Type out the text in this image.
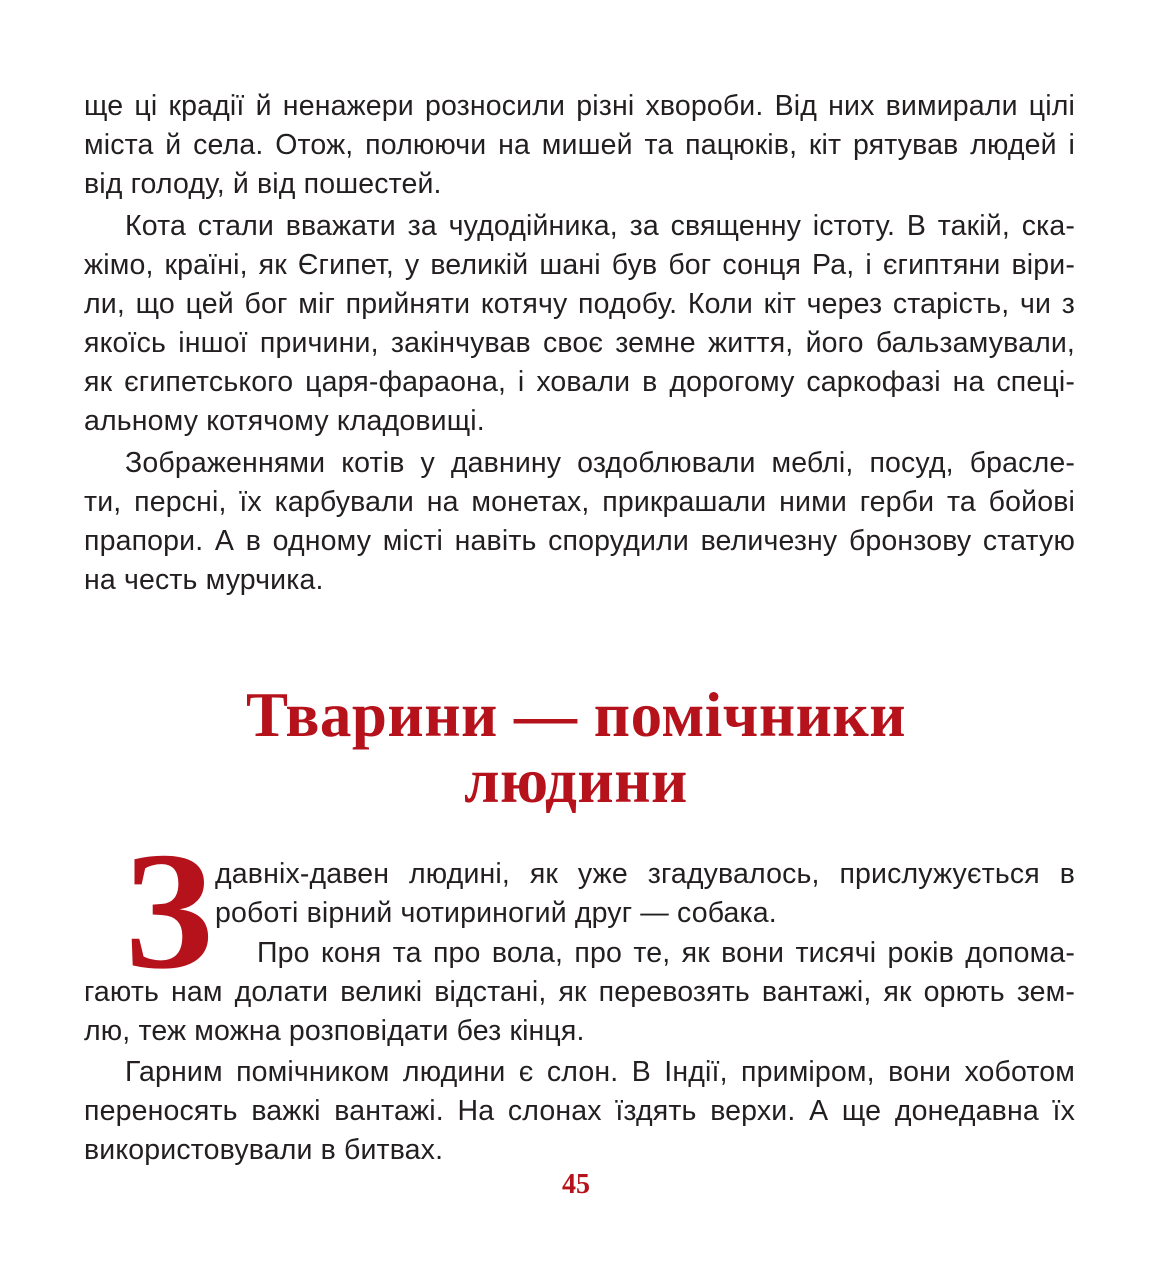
ще ці крадії й ненажери розносили різні хвороби. Від них вимирали цілі
міста й села. Отож, полюючи на мишей та пацюків, кіт рятував людей і
від голоду, й від пошестей.
Кота стали вважати за чудодійника, за священну істоту. В такій, ска-
жімо, країні, як Єгипет, у великій шані був бог сонця Ра, і єгиптяни віри-
ли, що цей бог міг прийняти котячу подобу. Коли кіт через старість, чи з
якоїсь іншої причини, закінчував своє земне життя, його бальзамували,
як єгипетського царя-фараона, і ховали в дорогому саркофазі на спеці-
альному котячому кладовищі.
Зображеннями котів у давнину оздоблювали меблі, посуд, брасле-
ти, персні, їх карбували на монетах, прикрашали ними герби та бойові
прапори. А в одному місті навіть спорудили величезну бронзову статую
на честь мурчика.
Тварини — помічники
людини
З давніх-давен людині, як уже згадувалось, прислужується в
роботі вірний чотириногий друг — собака.
Про коня та про вола, про те, як вони тисячі років допома-
гають нам долати великі відстані, як перевозять вантажі, як орють зем-
лю, теж можна розповідати без кінця.
Гарним помічником людини є слон. В Індії, приміром, вони хоботом
переносять важкі вантажі. На слонах їздять верхи. А ще донедавна їх
використовували в битвах.
45
